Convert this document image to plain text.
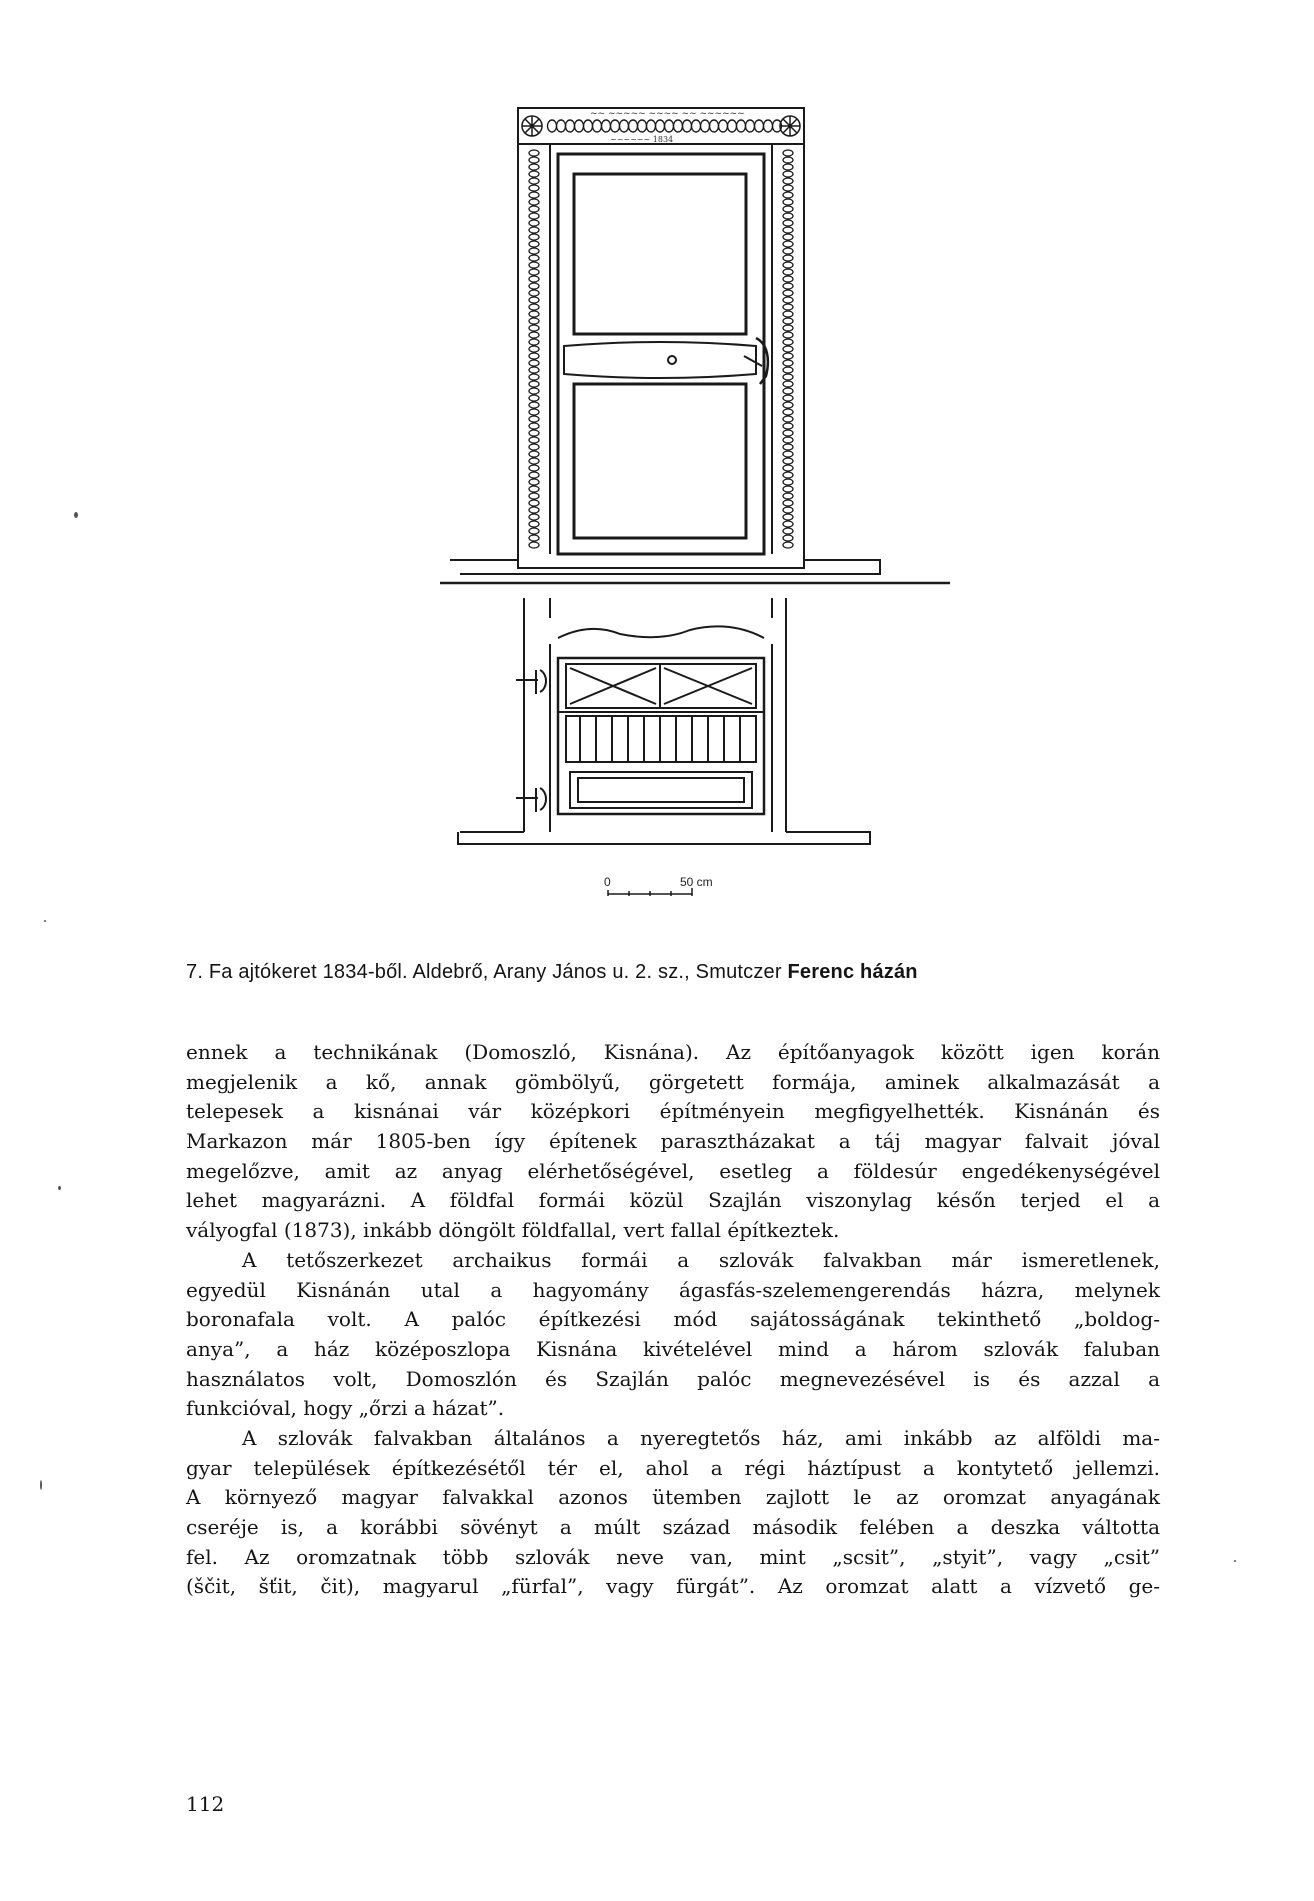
~~ ~~~~~ ~~~~ ~~ ~~~~~~
~~~~~~ 1834
0	50 cm
7. Fa ajtókeret 1834-ből. Aldebrő, Arany János u. 2. sz., Smutczer Ferenc házán
ennek a technikának (Domoszló, Kisnána). Az építőanyagok között igen korán
megjelenik a kő, annak gömbölyű, görgetett formája, aminek alkalmazását a
telepesek a kisnánai vár középkori építményein megfigyelhették. Kisnánán és
Markazon már 1805-ben így építenek parasztházakat a táj magyar falvait jóval
megelőzve, amit az anyag elérhetőségével, esetleg a földesúr engedékenységével
lehet magyarázni. A földfal formái közül Szajlán viszonylag későn terjed el a
vályogfal (1873), inkább döngölt földfallal, vert fallal építkeztek.
A tetőszerkezet archaikus formái a szlovák falvakban már ismeretlenek,
egyedül Kisnánán utal a hagyomány ágasfás-szelemengerendás házra, melynek
boronafala volt. A palóc építkezési mód sajátosságának tekinthető „boldog-
anya”, a ház középoszlopa Kisnána kivételével mind a három szlovák faluban
használatos volt, Domoszlón és Szajlán palóc megnevezésével is és azzal a
funkcióval, hogy „őrzi a házat”.
A szlovák falvakban általános a nyeregtetős ház, ami inkább az alföldi ma-
gyar települések építkezésétől tér el, ahol a régi háztípust a kontytető jellemzi.
A környező magyar falvakkal azonos ütemben zajlott le az oromzat anyagának
cseréje is, a korábbi sövényt a múlt század második felében a deszka váltotta
fel. Az oromzatnak több szlovák neve van, mint „scsit”, „styit”, vagy „csit”
(ščit, šťit, čit), magyarul „fürfal”, vagy fürgát”. Az oromzat alatt a vízvető ge-
112
